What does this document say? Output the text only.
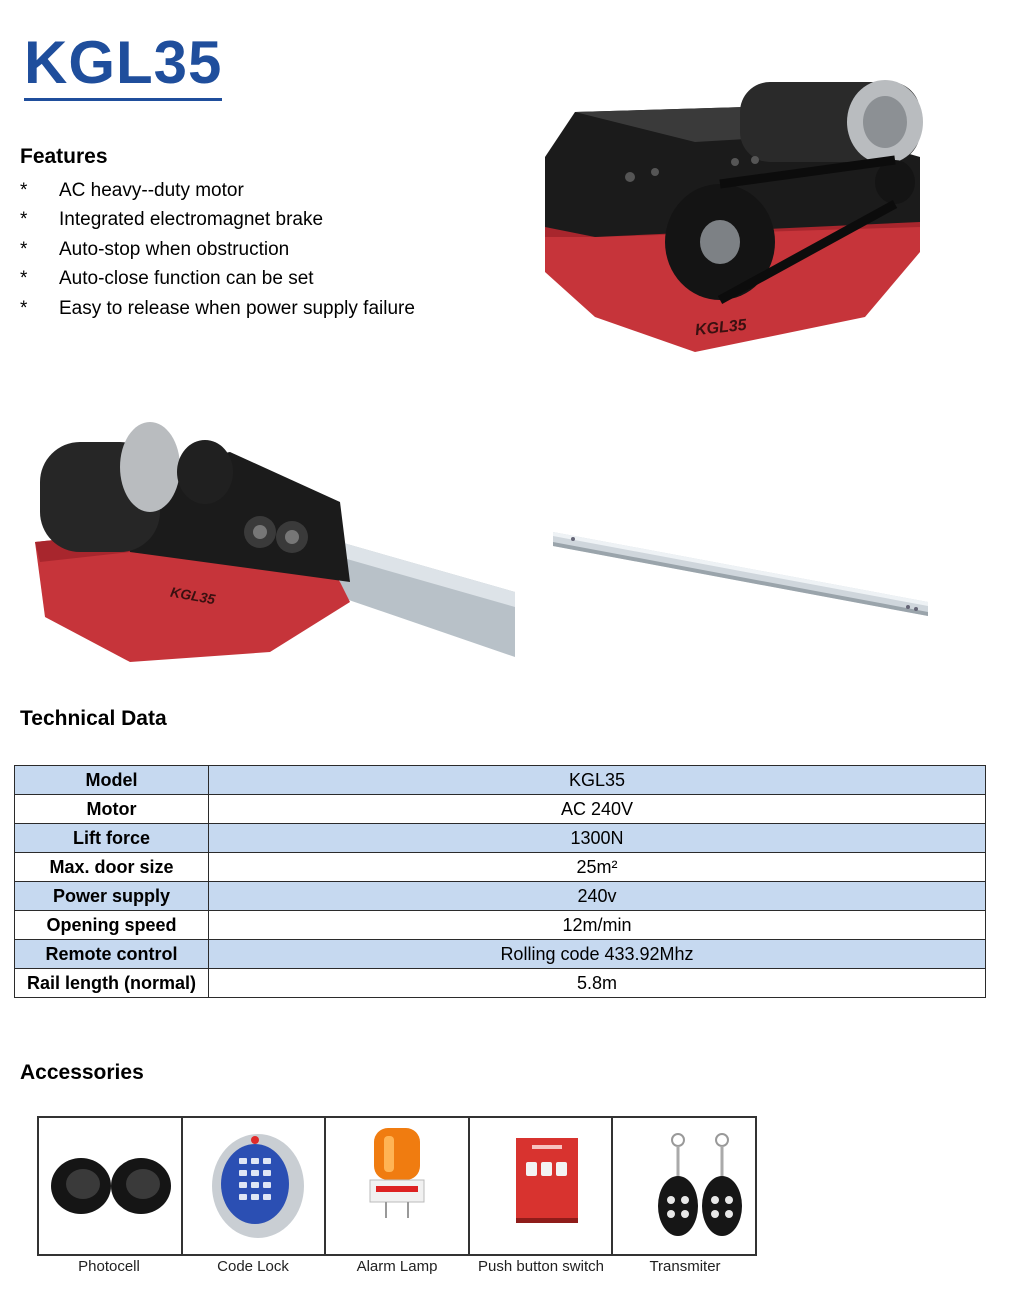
KGL35
Features
*	AC heavy--duty motor
*	Integrated electromagnet brake
*	Auto-stop when obstruction
*	Auto-close function can be set
*	Easy to release when power supply failure
KGL35
KGL35
Technical Data
Model	KGL35
Motor	AC 240V
Lift force	1300N
Max. door size	25m²
Power supply	240v
Opening speed	12m/min
Remote control	Rolling code 433.92Mhz
Rail length (normal)	5.8m
Accessories
Photocell	Code Lock	Alarm Lamp	Push button switch	Transmiter
